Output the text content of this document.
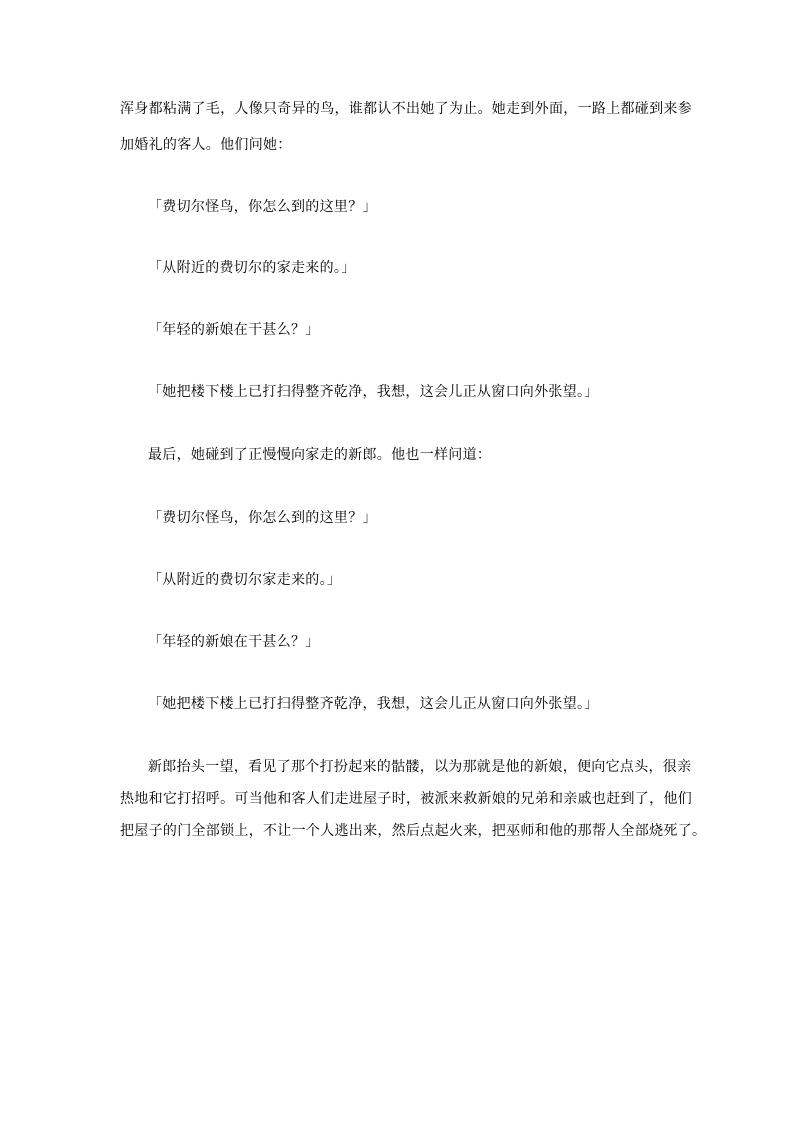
浑身都粘满了毛，人像只奇异的鸟，谁都认不出她了为止。她走到外面，一路上都碰到来参
加婚礼的客人。他们问她：
「费切尔怪鸟，你怎么到的这里？」
「从附近的费切尔的家走来的。」
「年轻的新娘在干甚么？」
「她把楼下楼上已打扫得整齐乾净，我想，这会儿正从窗口向外张望。」
最后，她碰到了正慢慢向家走的新郎。他也一样问道：
「费切尔怪鸟，你怎么到的这里？」
「从附近的费切尔家走来的。」
「年轻的新娘在干甚么？」
「她把楼下楼上已打扫得整齐乾净，我想，这会儿正从窗口向外张望。」
新郎抬头一望，看见了那个打扮起来的骷髅，以为那就是他的新娘，便向它点头，很亲
热地和它打招呼。可当他和客人们走进屋子时，被派来救新娘的兄弟和亲戚也赶到了，他们
把屋子的门全部锁上，不让一个人逃出来，然后点起火来，把巫师和他的那帮人全部烧死了。
